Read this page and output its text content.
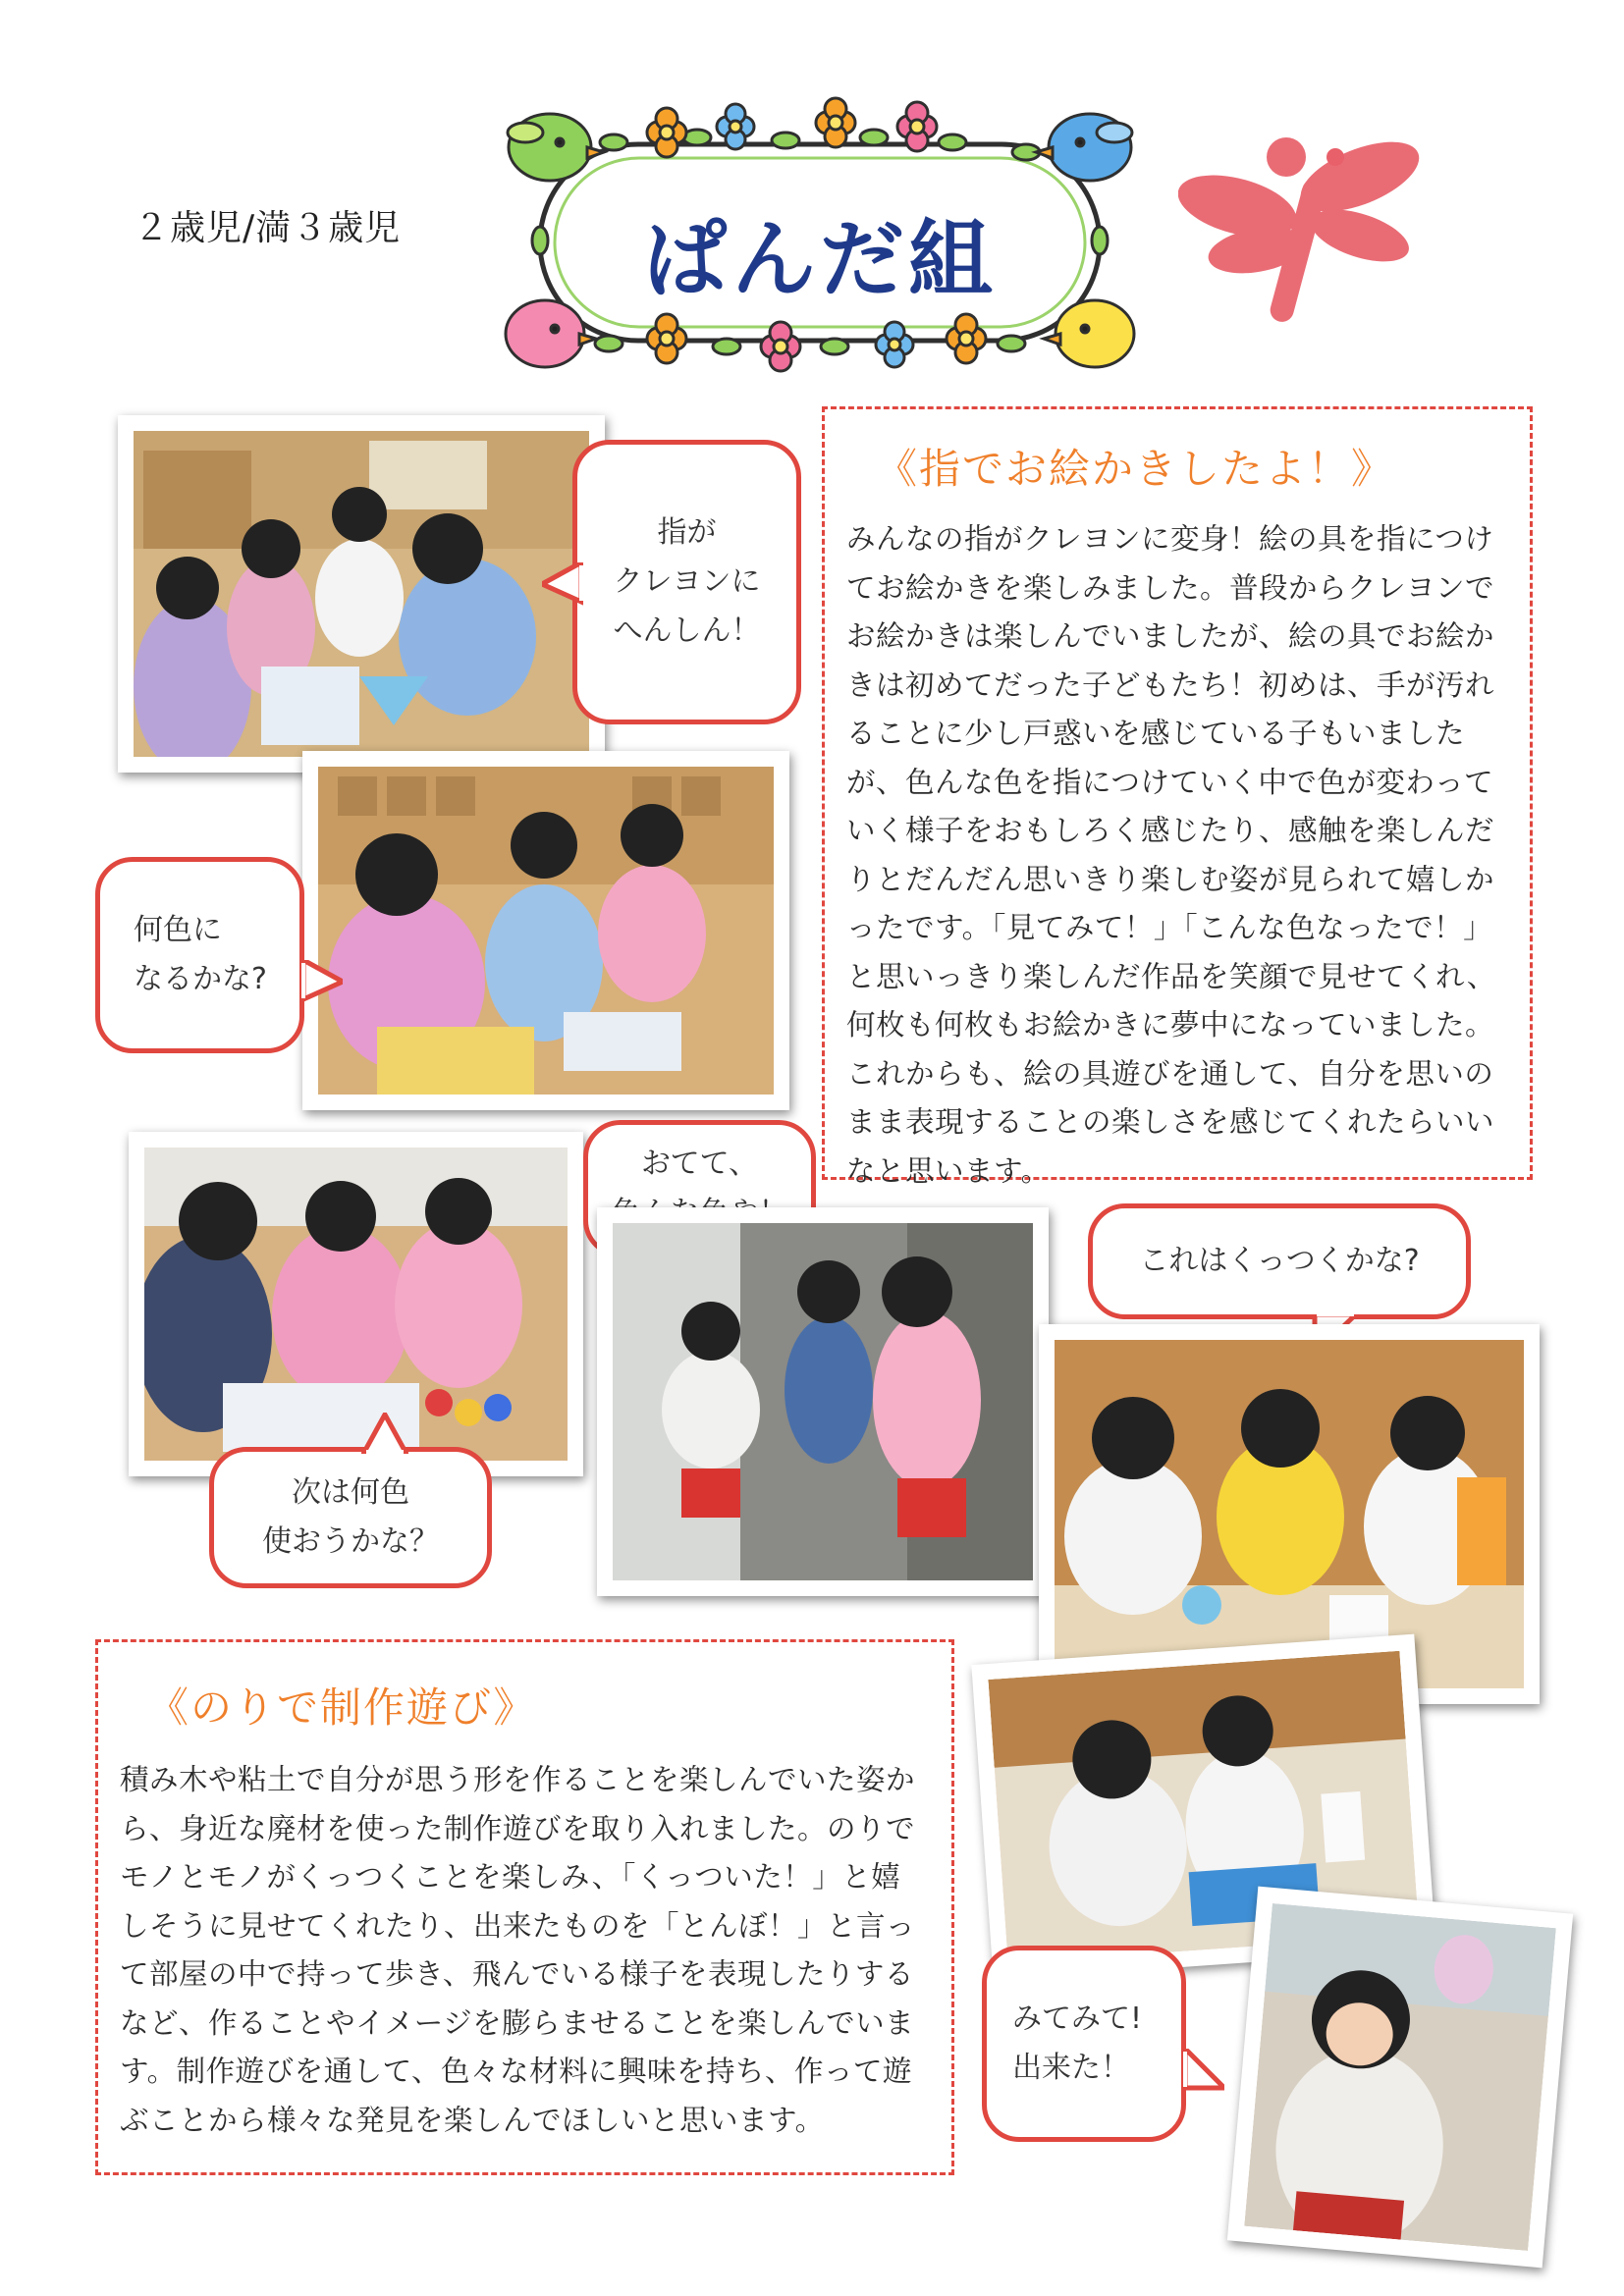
２歳児/満３歳児	ぱんだ組
指が
クレヨンに
へんしん！
何色に
なるかな?
《指でお絵かきしたよ！》

みんなの指がクレヨンに変身！絵の具を指につけてお絵かきを楽しみました。普段からクレヨンでお絵かきは楽しんでいましたが、絵の具でお絵かきは初めてだった子どもたち！初めは、手が汚れることに少し戸惑いを感じている子もいましたが、色んな色を指につけていく中で色が変わっていく様子をおもしろく感じたり、感触を楽しんだりとだんだん思いきり楽しむ姿が見られて嬉しかったです。「見てみて！」「こんな色なったで！」と思いっきり楽しんだ作品を笑顔で見せてくれ、何枚も何枚もお絵かきに夢中になっていました。これからも、絵の具遊びを通して、自分を思いのまま表現することの楽しさを感じてくれたらいいなと思います。

おてて、

これはくっつくかな?
次は何色
使おうかな？
《のりで制作遊び》

積み木や粘土で自分が思う形を作ることを楽しんでいた姿から、身近な廃材を使った制作遊びを取り入れました。のりでモノとモノがくっつくことを楽しみ、「くっついた！」と嬉しそうに見せてくれたり、出来たものを「とんぼ！」と言って部屋の中で持って歩き、飛んでいる様子を表現したりするなど、作ることやイメージを膨らませることを楽しんでいます。制作遊びを通して、色々な材料に興味を持ち、作って遊ぶことから様々な発見を楽しんでほしいと思います。

みてみて!
出来た！
